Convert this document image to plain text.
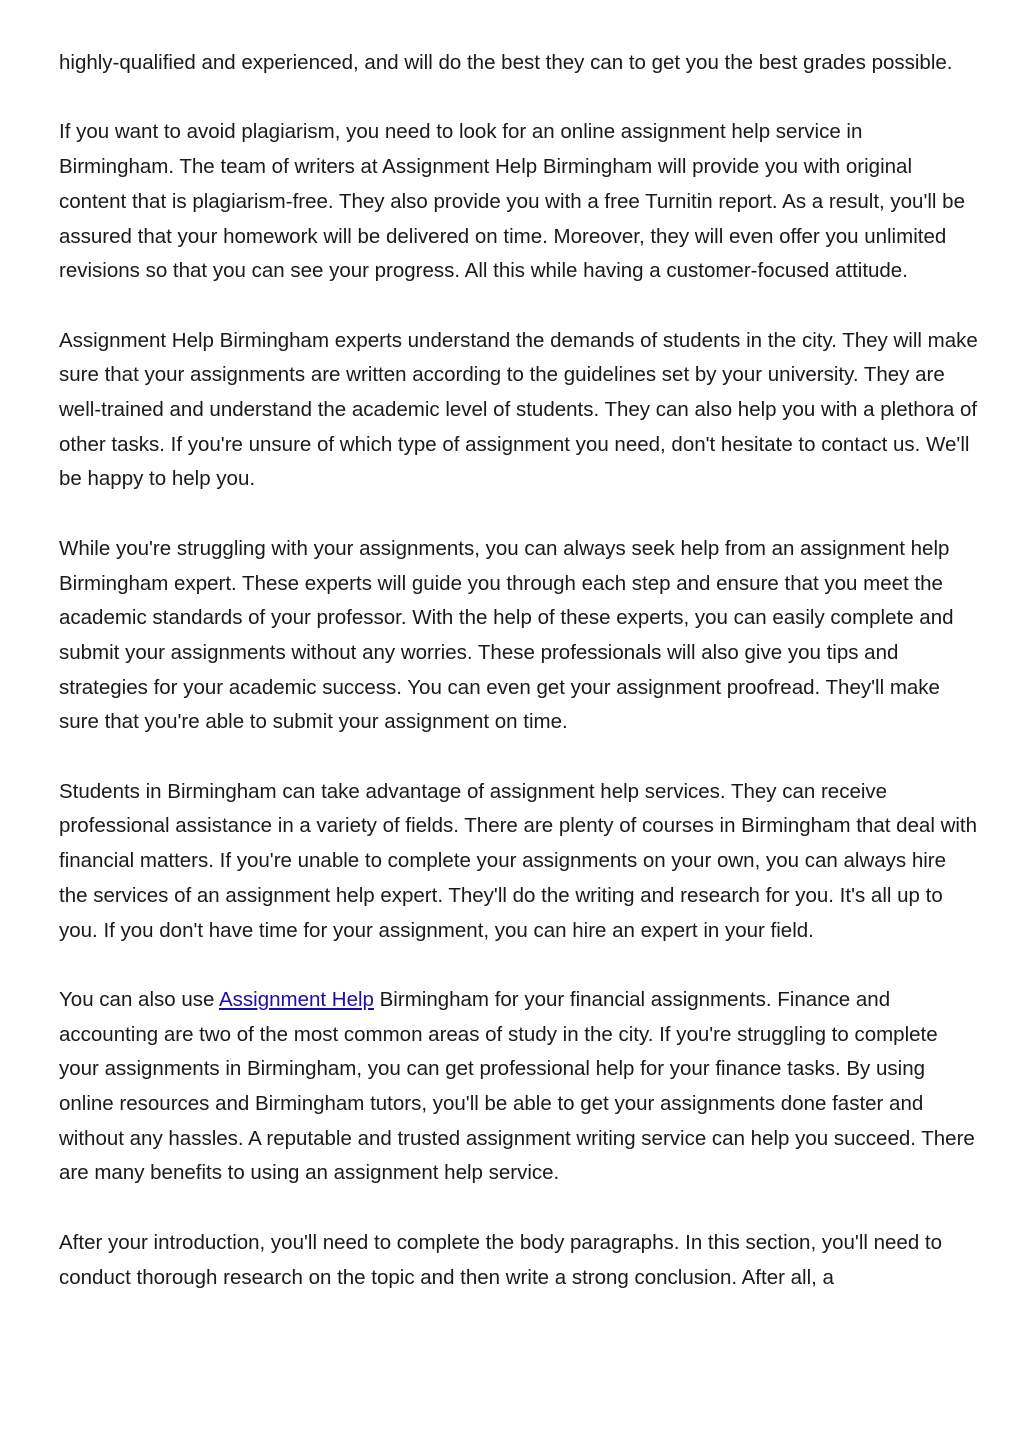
highly-qualified and experienced, and will do the best they can to get you the best grades possible.

If you want to avoid plagiarism, you need to look for an online assignment help service in Birmingham. The team of writers at Assignment Help Birmingham will provide you with original content that is plagiarism-free. They also provide you with a free Turnitin report. As a result, you'll be assured that your homework will be delivered on time. Moreover, they will even offer you unlimited revisions so that you can see your progress. All this while having a customer-focused attitude.

Assignment Help Birmingham experts understand the demands of students in the city. They will make sure that your assignments are written according to the guidelines set by your university. They are well-trained and understand the academic level of students. They can also help you with a plethora of other tasks. If you're unsure of which type of assignment you need, don't hesitate to contact us. We'll be happy to help you.

While you're struggling with your assignments, you can always seek help from an assignment help Birmingham expert. These experts will guide you through each step and ensure that you meet the academic standards of your professor. With the help of these experts, you can easily complete and submit your assignments without any worries. These professionals will also give you tips and strategies for your academic success. You can even get your assignment proofread. They'll make sure that you're able to submit your assignment on time.

Students in Birmingham can take advantage of assignment help services. They can receive professional assistance in a variety of fields. There are plenty of courses in Birmingham that deal with financial matters. If you're unable to complete your assignments on your own, you can always hire the services of an assignment help expert. They'll do the writing and research for you. It's all up to you. If you don't have time for your assignment, you can hire an expert in your field.

You can also use Assignment Help Birmingham for your financial assignments. Finance and accounting are two of the most common areas of study in the city. If you're struggling to complete your assignments in Birmingham, you can get professional help for your finance tasks. By using online resources and Birmingham tutors, you'll be able to get your assignments done faster and without any hassles. A reputable and trusted assignment writing service can help you succeed. There are many benefits to using an assignment help service.

After your introduction, you'll need to complete the body paragraphs. In this section, you'll need to conduct thorough research on the topic and then write a strong conclusion. After all, a
